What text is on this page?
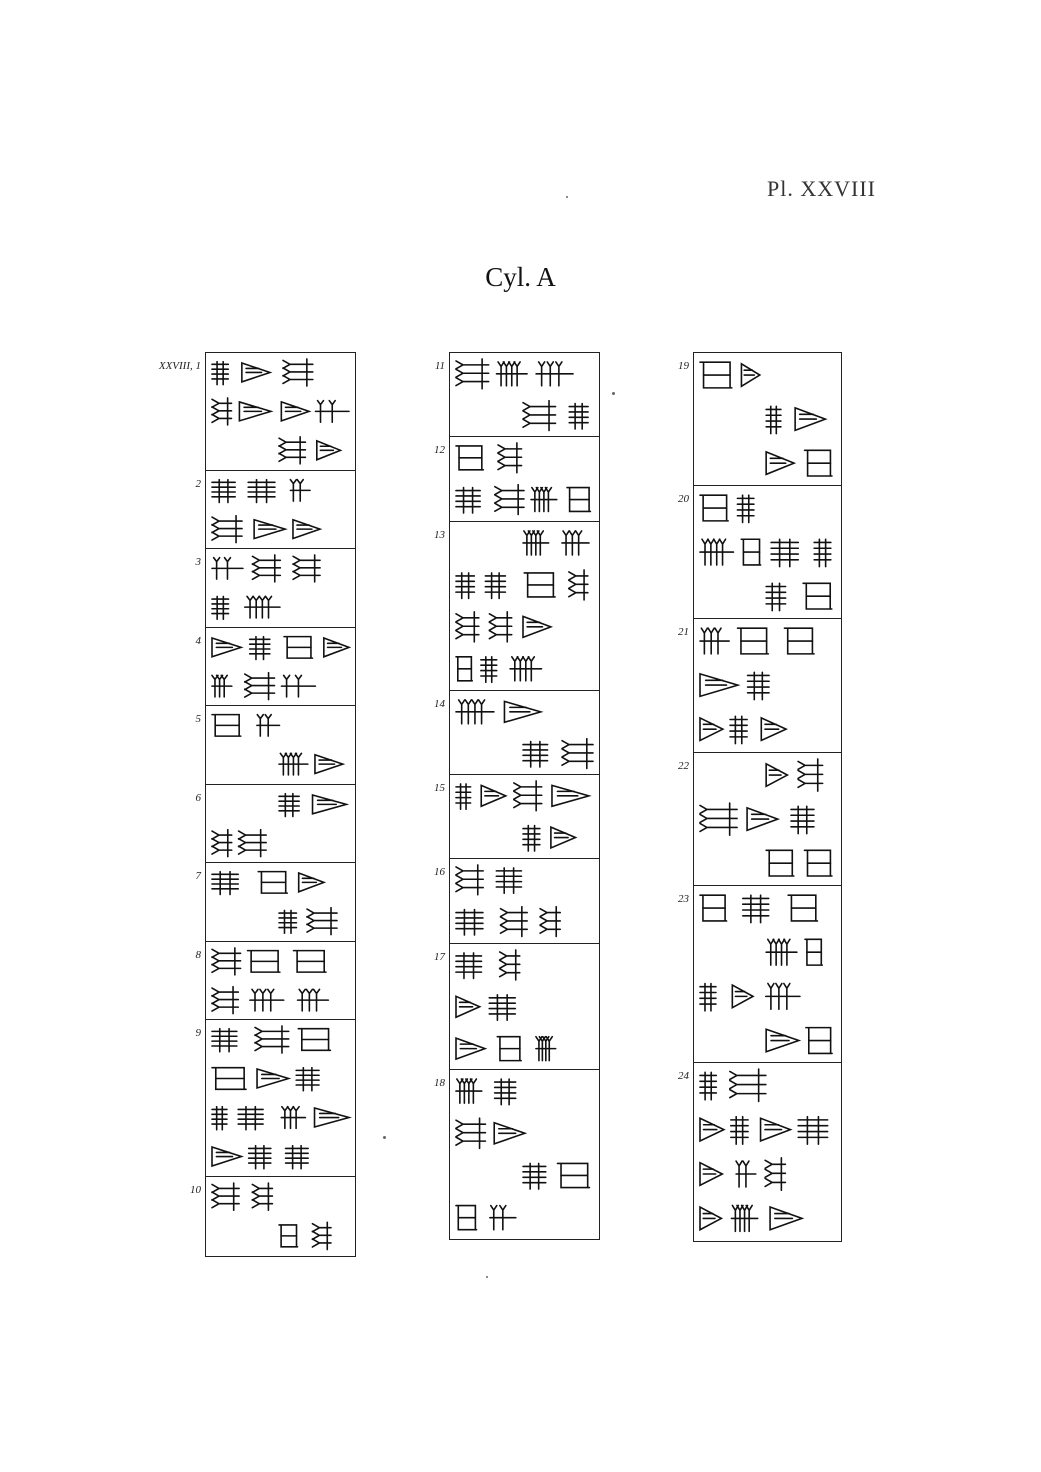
Pl. XXVIII
Cyl. A
XXVIII, 1
2
3
4
5
6
7
8
9
10
11
12
13
14
15
16
17
18
19
20
21
22
23
24
